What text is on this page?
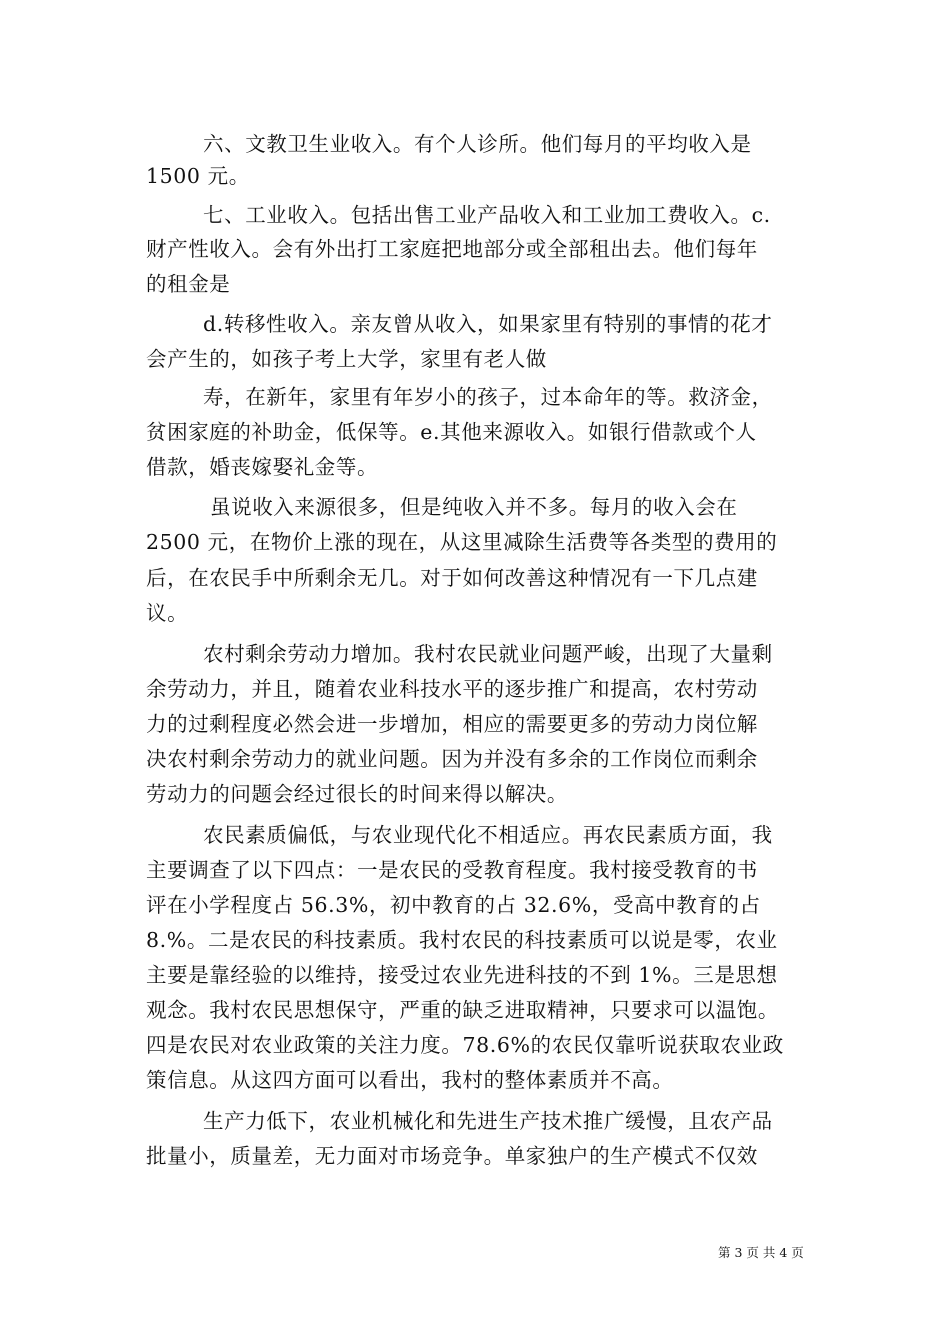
六、文教卫生业收入。有个人诊所。他们每月的平均收入是
1500 元。
七、工业收入。包括出售工业产品收入和工业加工费收入。c.
财产性收入。会有外出打工家庭把地部分或全部租出去。他们每年
的租金是
d.转移性收入。亲友曾从收入，如果家里有特别的事情的花才
会产生的，如孩子考上大学，家里有老人做
寿，在新年，家里有年岁小的孩子，过本命年的等。救济金，
贫困家庭的补助金，低保等。e.其他来源收入。如银行借款或个人
借款，婚丧嫁娶礼金等。
虽说收入来源很多，但是纯收入并不多。每月的收入会在
2500 元，在物价上涨的现在，从这里减除生活费等各类型的费用的
后，在农民手中所剩余无几。对于如何改善这种情况有一下几点建
议。
农村剩余劳动力增加。我村农民就业问题严峻，出现了大量剩
余劳动力，并且，随着农业科技水平的逐步推广和提高，农村劳动
力的过剩程度必然会进一步增加，相应的需要更多的劳动力岗位解
决农村剩余劳动力的就业问题。因为并没有多余的工作岗位而剩余
劳动力的问题会经过很长的时间来得以解决。
农民素质偏低，与农业现代化不相适应。再农民素质方面，我
主要调查了以下四点：一是农民的受教育程度。我村接受教育的书
评在小学程度占 56.3%，初中教育的占 32.6%，受高中教育的占
8.%。二是农民的科技素质。我村农民的科技素质可以说是零，农业
主要是靠经验的以维持，接受过农业先进科技的不到 1%。三是思想
观念。我村农民思想保守，严重的缺乏进取精神，只要求可以温饱。
四是农民对农业政策的关注力度。78.6%的农民仅靠听说获取农业政
策信息。从这四方面可以看出，我村的整体素质并不高。
生产力低下，农业机械化和先进生产技术推广缓慢，且农产品
批量小，质量差，无力面对市场竞争。单家独户的生产模式不仅效
第 3 页 共 4 页
